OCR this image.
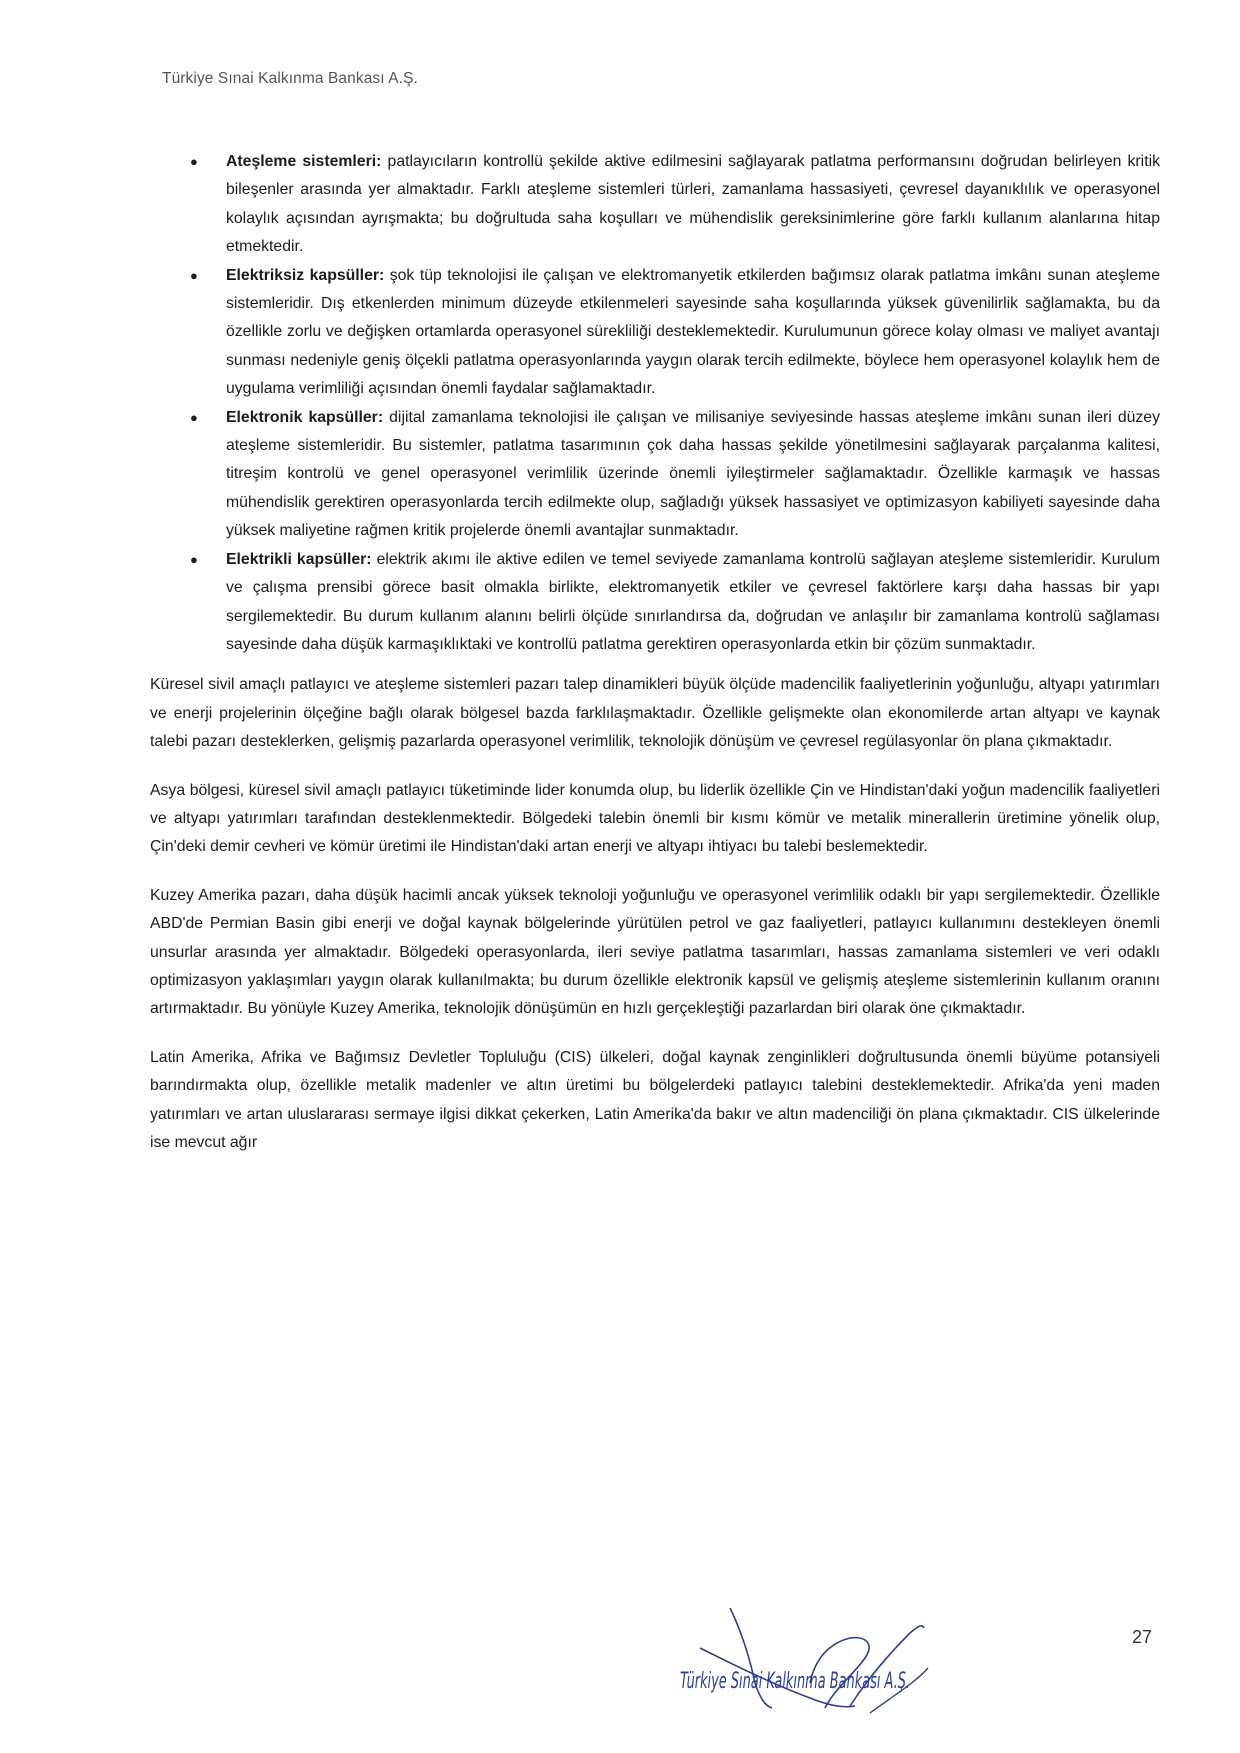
Türkiye Sınai Kalkınma Bankası A.Ş.
● Ateşleme sistemleri: patlayıcıların kontrollü şekilde aktive edilmesini sağlayarak patlatma performansını doğrudan belirleyen kritik bileşenler arasında yer almaktadır. Farklı ateşleme sistemleri türleri, zamanlama hassasiyeti, çevresel dayanıklılık ve operasyonel kolaylık açısından ayrışmakta; bu doğrultuda saha koşulları ve mühendislik gereksinimlerine göre farklı kullanım alanlarına hitap etmektedir.
● Elektriksiz kapsüller: şok tüp teknolojisi ile çalışan ve elektromanyetik etkilerden bağımsız olarak patlatma imkânı sunan ateşleme sistemleridir. Dış etkenlerden minimum düzeyde etkilenmeleri sayesinde saha koşullarında yüksek güvenilirlik sağlamakta, bu da özellikle zorlu ve değişken ortamlarda operasyonel sürekliliği desteklemektedir. Kurulumunun görece kolay olması ve maliyet avantajı sunması nedeniyle geniş ölçekli patlatma operasyonlarında yaygın olarak tercih edilmekte, böylece hem operasyonel kolaylık hem de uygulama verimliliği açısından önemli faydalar sağlamaktadır.
● Elektronik kapsüller: dijital zamanlama teknolojisi ile çalışan ve milisaniye seviyesinde hassas ateşleme imkânı sunan ileri düzey ateşleme sistemleridir. Bu sistemler, patlatma tasarımının çok daha hassas şekilde yönetilmesini sağlayarak parçalanma kalitesi, titreşim kontrolü ve genel operasyonel verimlilik üzerinde önemli iyileştirmeler sağlamaktadır. Özellikle karmaşık ve hassas mühendislik gerektiren operasyonlarda tercih edilmekte olup, sağladığı yüksek hassasiyet ve optimizasyon kabiliyeti sayesinde daha yüksek maliyetine rağmen kritik projelerde önemli avantajlar sunmaktadır.
● Elektrikli kapsüller: elektrik akımı ile aktive edilen ve temel seviyede zamanlama kontrolü sağlayan ateşleme sistemleridir. Kurulum ve çalışma prensibi görece basit olmakla birlikte, elektromanyetik etkiler ve çevresel faktörlere karşı daha hassas bir yapı sergilemektedir. Bu durum kullanım alanını belirli ölçüde sınırlandırsa da, doğrudan ve anlaşılır bir zamanlama kontrolü sağlaması sayesinde daha düşük karmaşıklıktaki ve kontrollü patlatma gerektiren operasyonlarda etkin bir çözüm sunmaktadır.

Küresel sivil amaçlı patlayıcı ve ateşleme sistemleri pazarı talep dinamikleri büyük ölçüde madencilik faaliyetlerinin yoğunluğu, altyapı yatırımları ve enerji projelerinin ölçeğine bağlı olarak bölgesel bazda farklılaşmaktadır. Özellikle gelişmekte olan ekonomilerde artan altyapı ve kaynak talebi pazarı desteklerken, gelişmiş pazarlarda operasyonel verimlilik, teknolojik dönüşüm ve çevresel regülasyonlar ön plana çıkmaktadır.

Asya bölgesi, küresel sivil amaçlı patlayıcı tüketiminde lider konumda olup, bu liderlik özellikle Çin ve Hindistan'daki yoğun madencilik faaliyetleri ve altyapı yatırımları tarafından desteklenmektedir. Bölgedeki talebin önemli bir kısmı kömür ve metalik minerallerin üretimine yönelik olup, Çin'deki demir cevheri ve kömür üretimi ile Hindistan'daki artan enerji ve altyapı ihtiyacı bu talebi beslemektedir.

Kuzey Amerika pazarı, daha düşük hacimli ancak yüksek teknoloji yoğunluğu ve operasyonel verimlilik odaklı bir yapı sergilemektedir. Özellikle ABD'de Permian Basin gibi enerji ve doğal kaynak bölgelerinde yürütülen petrol ve gaz faaliyetleri, patlayıcı kullanımını destekleyen önemli unsurlar arasında yer almaktadır. Bölgedeki operasyonlarda, ileri seviye patlatma tasarımları, hassas zamanlama sistemleri ve veri odaklı optimizasyon yaklaşımları yaygın olarak kullanılmakta; bu durum özellikle elektronik kapsül ve gelişmiş ateşleme sistemlerinin kullanım oranını artırmaktadır. Bu yönüyle Kuzey Amerika, teknolojik dönüşümün en hızlı gerçekleştiği pazarlardan biri olarak öne çıkmaktadır.

Latin Amerika, Afrika ve Bağımsız Devletler Topluluğu (CIS) ülkeleri, doğal kaynak zenginlikleri doğrultusunda önemli büyüme potansiyeli barındırmakta olup, özellikle metalik madenler ve altın üretimi bu bölgelerdeki patlayıcı talebini desteklemektedir. Afrika'da yeni maden yatırımları ve artan uluslararası sermaye ilgisi dikkat çekerken, Latin Amerika'da bakır ve altın madenciliği ön plana çıkmaktadır. CIS ülkelerinde ise mevcut ağır

Türkiye Sınai Kalkınma Bankası A.Ş.
27
